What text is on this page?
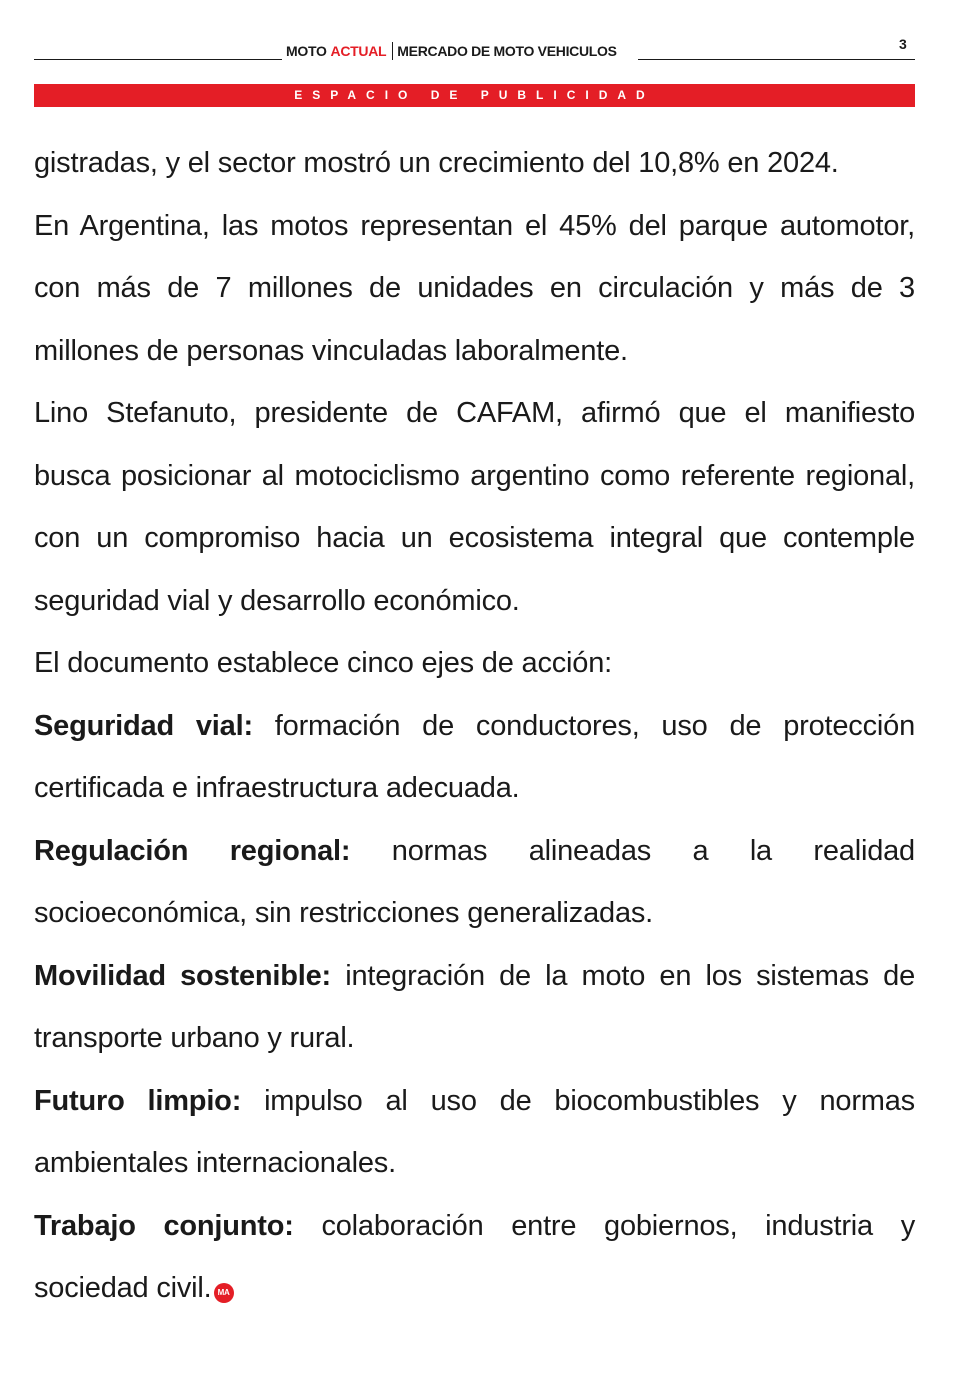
MOTO ACTUAL MERCADO DE MOTO VEHICULOS	3
ESPACIO DE PUBLICIDAD

gistradas, y el sector mostró un crecimiento del 10,8% en 2024.

En Argentina, las motos representan el 45% del parque automotor, con más de 7 millones de unidades en circulación y más de 3 millones de personas vinculadas laboralmente.

Lino Stefanuto, presidente de CAFAM, afirmó que el manifiesto busca posicionar al motociclismo argentino como referente regional, con un compromiso hacia un ecosistema integral que contemple seguridad vial y desarrollo económico.

El documento establece cinco ejes de acción:

Seguridad vial: formación de conductores, uso de protección certificada e infraestructura adecuada.

Regulación regional: normas alineadas a la realidad socioeconómica, sin restricciones generalizadas.

Movilidad sostenible: integración de la moto en los sistemas de transporte urbano y rural.

Futuro limpio: impulso al uso de biocombustibles y normas ambientales internacionales.

Trabajo conjunto: colaboración entre gobiernos, industria y sociedad civil. MA
